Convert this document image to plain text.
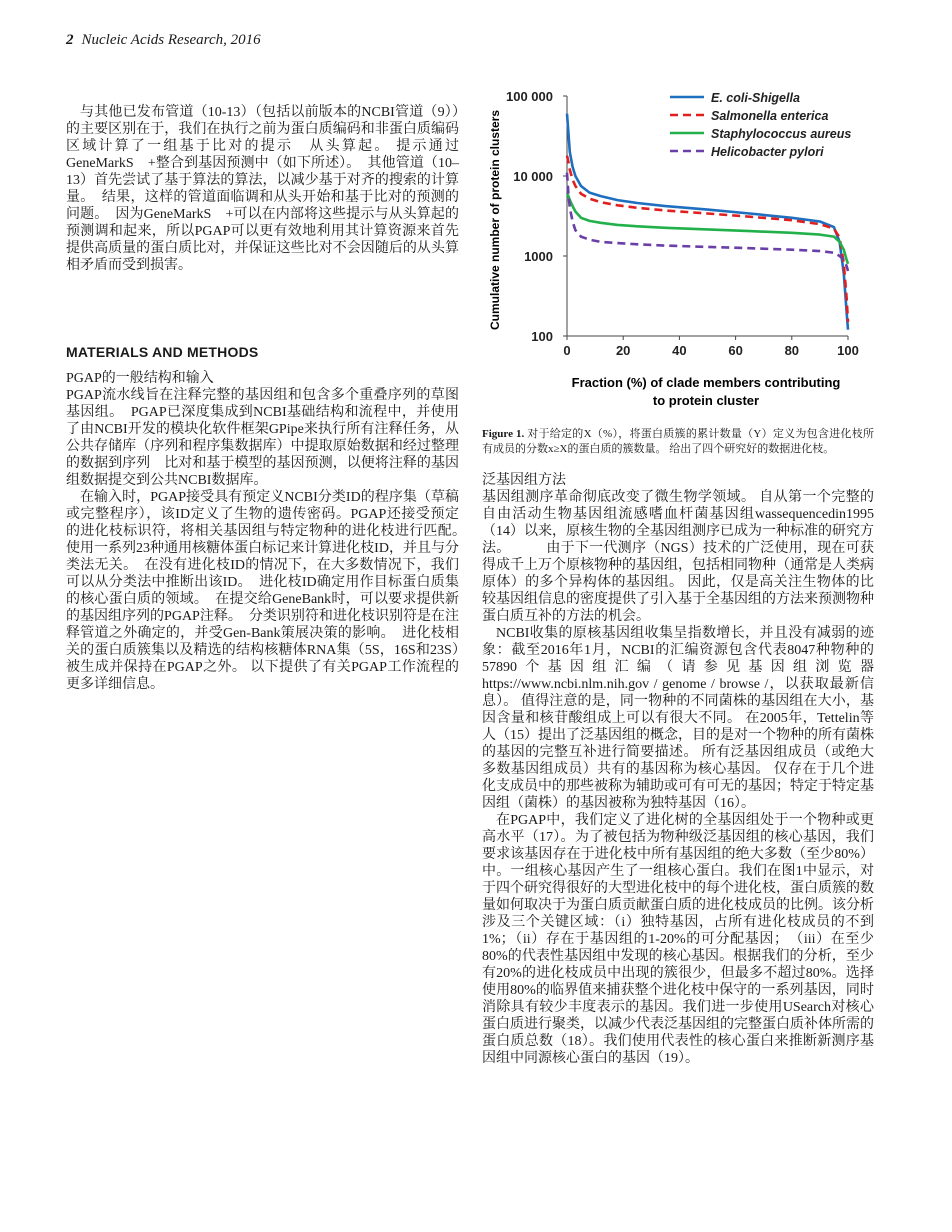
2 Nucleic Acids Research, 2016

与其他已发布管道（10-13）（包括以前版本的NCBI管道（9））的主要区别在于，我们在执行之前为蛋白质编码和非蛋白质编码区域计算了一组基于比对的提示　从头算起。 提示通过GeneMarkS　+整合到基因预测中（如下所述）。　其他管道（10–13）首先尝试了基于算法的算法，以减少基于对齐的搜索的计算量。　结果，这样的管道面临调和从头开始和基于比对的预测的问题。　因为GeneMarkS　+可以在内部将这些提示与从头算起的预测调和起来，所以PGAP可以更有效地利用其计算资源来首先提供高质量的蛋白质比对，并保证这些比对不会因随后的从头算相矛盾而受到损害。

MATERIALS AND METHODS

PGAP的一般结构和输入

PGAP流水线旨在注释完整的基因组和包含多个重叠序列的草图基因组。　PGAP已深度集成到NCBI基础结构和流程中，并使用了由NCBI开发的模块化软件框架GPipe来执行所有注释任务，从公共存储库（序列和程序集数据库）中提取原始数据和经过整理的数据到序列　比对和基于模型的基因预测，以便将注释的基因组数据提交到公共NCBI数据库。

在输入时，PGAP接受具有预定义NCBI分类ID的程序集（草稿或完整程序），该ID定义了生物的遗传密码。PGAP还接受预定的进化枝标识符，将相关基因组与特定物种的进化枝进行匹配。　使用一系列23种通用核糖体蛋白标记来计算进化枝ID，并且与分类法无关。　在没有进化枝ID的情况下，在大多数情况下，我们可以从分类法中推断出该ID。　进化枝ID确定用作目标蛋白质集的核心蛋白质的领域。　在提交给GeneBank时，可以要求提供新的基因组序列的PGAP注释。　分类识别符和进化枝识别符是在注释管道之外确定的，并受Gen-Bank策展决策的影响。　进化枝相关的蛋白质簇集以及精选的结构核糖体RNA集（5S，16S和23S）被生成并保持在PGAP之外。 以下提供了有关PGAP工作流程的更多详细信息。

0	20	40	60	80	100
100
1000
10 000
100 000	E. coli-Shigella
Salmonella enterica
Staphylococcus aureus
Helicobacter pylori
Cumulative number of protein clusters
Fraction (%) of clade members contributing
to protein cluster
Figure 1. 对于给定的X（%），将蛋白质簇的累计数量（Y）定义为包含进化枝所有成员的分数x≥X的蛋白质的簇数量。 给出了四个研究好的数据进化枝。

泛基因组方法

基因组测序革命彻底改变了微生物学领域。 自从第一个完整的自由活动生物基因组流感嗜血杆菌基因组wassequencedin1995（14）以来，原核生物的全基因组测序已成为一种标准的研究方法。　　　由于下一代测序（NGS）技术的广泛使用，现在可获得成千上万个原核物种的基因组，包括相同物种（通常是人类病原体）的多个异构体的基因组。 因此，仅是高关注生物体的比较基因组信息的密度提供了引入基于全基因组的方法来预测物种蛋白质互补的方法的机会。

NCBI收集的原核基因组收集呈指数增长，并且没有减弱的迹象：截至2016年1月，NCBI的汇编资源包含代表8047种物种的57890个基因组汇编（请参见基因组浏览器 https://www.ncbi.nlm.nih.gov / genome / browse /，以获取最新信息）。 值得注意的是，同一物种的不同菌株的基因组在大小，基因含量和核苷酸组成上可以有很大不同。 在2005年，Tettelin等人（15）提出了泛基因组的概念，目的是对一个物种的所有菌株的基因的完整互补进行简要描述。 所有泛基因组成员（或绝大多数基因组成员）共有的基因称为核心基因。 仅存在于几个进化支成员中的那些被称为辅助或可有可无的基因；特定于特定基因组（菌株）的基因被称为独特基因（16）。

在PGAP中，我们定义了进化树的全基因组处于一个物种或更高水平（17）。为了被包括为物种级泛基因组的核心基因，我们要求该基因存在于进化枝中所有基因组的绝大多数（至少80%）中。一组核心基因产生了一组核心蛋白。我们在图1中显示，对于四个研究得很好的大型进化枝中的每个进化枝，蛋白质簇的数量如何取决于为蛋白质贡献蛋白质的进化枝成员的比例。该分析涉及三个关键区域：（i）独特基因，占所有进化枝成员的不到1%；（ii）存在于基因组的1-20%的可分配基因；　（iii）在至少80%的代表性基因组中发现的核心基因。根据我们的分析，至少有20%的进化枝成员中出现的簇很少，但最多不超过80%。选择使用80%的临界值来捕获整个进化枝中保守的一系列基因，同时消除具有较少丰度表示的基因。我们进一步使用USearch对核心蛋白质进行聚类，以减少代表泛基因组的完整蛋白质补体所需的蛋白质总数（18）。我们使用代表性的核心蛋白来推断新测序基因组中同源核心蛋白的基因（19）。
